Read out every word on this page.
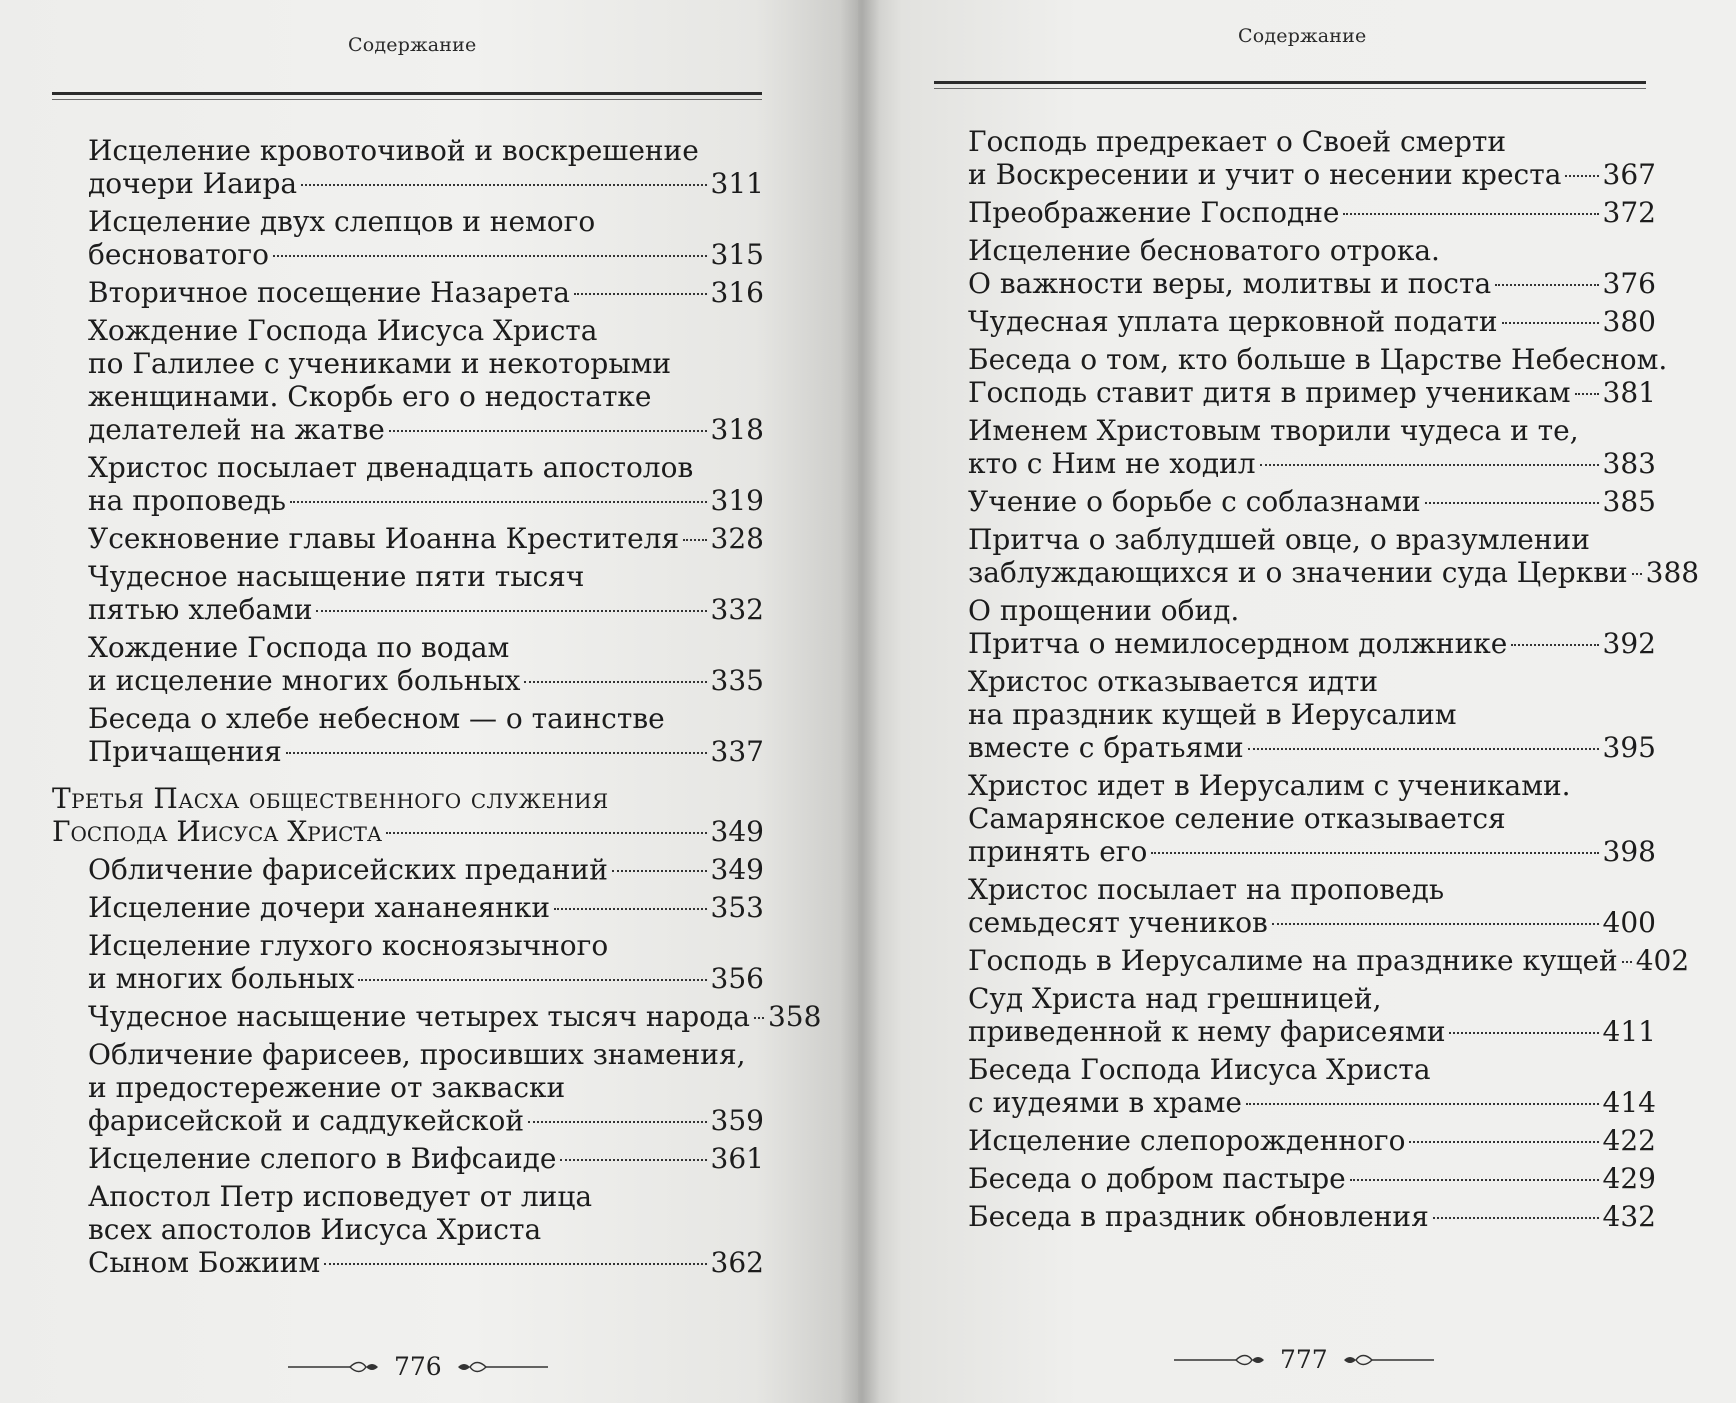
Содержание
Исцеление кровоточивой и воскрешение
дочери Иаира	311
Исцеление двух слепцов и немого
бесноватого	315
Вторичное посещение Назарета	316
Хождение Господа Иисуса Христа
по Галилее с учениками и некоторыми
женщинами. Скорбь его о недостатке
делателей на жатве	318
Христос посылает двенадцать апостолов
на проповедь	319
Усекновение главы Иоанна Крестителя 328
Чудесное насыщение пяти тысяч
пятью хлебами	332
Хождение Господа по водам
и исцеление многих больных	335
Беседа о хлебе небесном — о таинстве
Причащения	337
Третья Пасха общественного служения
Господа Иисуса Христа	349
Обличение фарисейских преданий	349
Исцеление дочери хананеянки	353
Исцеление глухого косноязычного
и многих больных	356
Чудесное насыщение четырех тысяч народа 358
Обличение фарисеев, просивших знамения,
и предостережение от закваски
фарисейской и саддукейской	359
Исцеление слепого в Вифсаиде	361
Апостол Петр исповедует от лица
всех апостолов Иисуса Христа
Сыном Божиим	362
776
Содержание
Господь предрекает о Своей смерти
и Воскресении и учит о несении креста 367
Преображение Господне	372
Исцеление бесноватого отрока.
О важности веры, молитвы и поста	376
Чудесная уплата церковной подати	380
Беседа о том, кто больше в Царстве Небесном.
Господь ставит дитя в пример ученикам 381
Именем Христовым творили чудеса и те,
кто с Ним не ходил	383
Учение о борьбе с соблазнами	385
Притча о заблудшей овце, о вразумлении
заблуждающихся и о значении суда Церкви 388
О прощении обид.
Притча о немилосердном должнике	392
Христос отказывается идти
на праздник кущей в Иерусалим
вместе с братьями	395
Христос идет в Иерусалим с учениками.
Самарянское селение отказывается
принять его	398
Христос посылает на проповедь
семьдесят учеников	400
Господь в Иерусалиме на празднике кущей 402
Суд Христа над грешницей,
приведенной к нему фарисеями	411
Беседа Господа Иисуса Христа
с иудеями в храме	414
Исцеление слепорожденного	422
Беседа о добром пастыре	429
Беседа в праздник обновления	432
777
